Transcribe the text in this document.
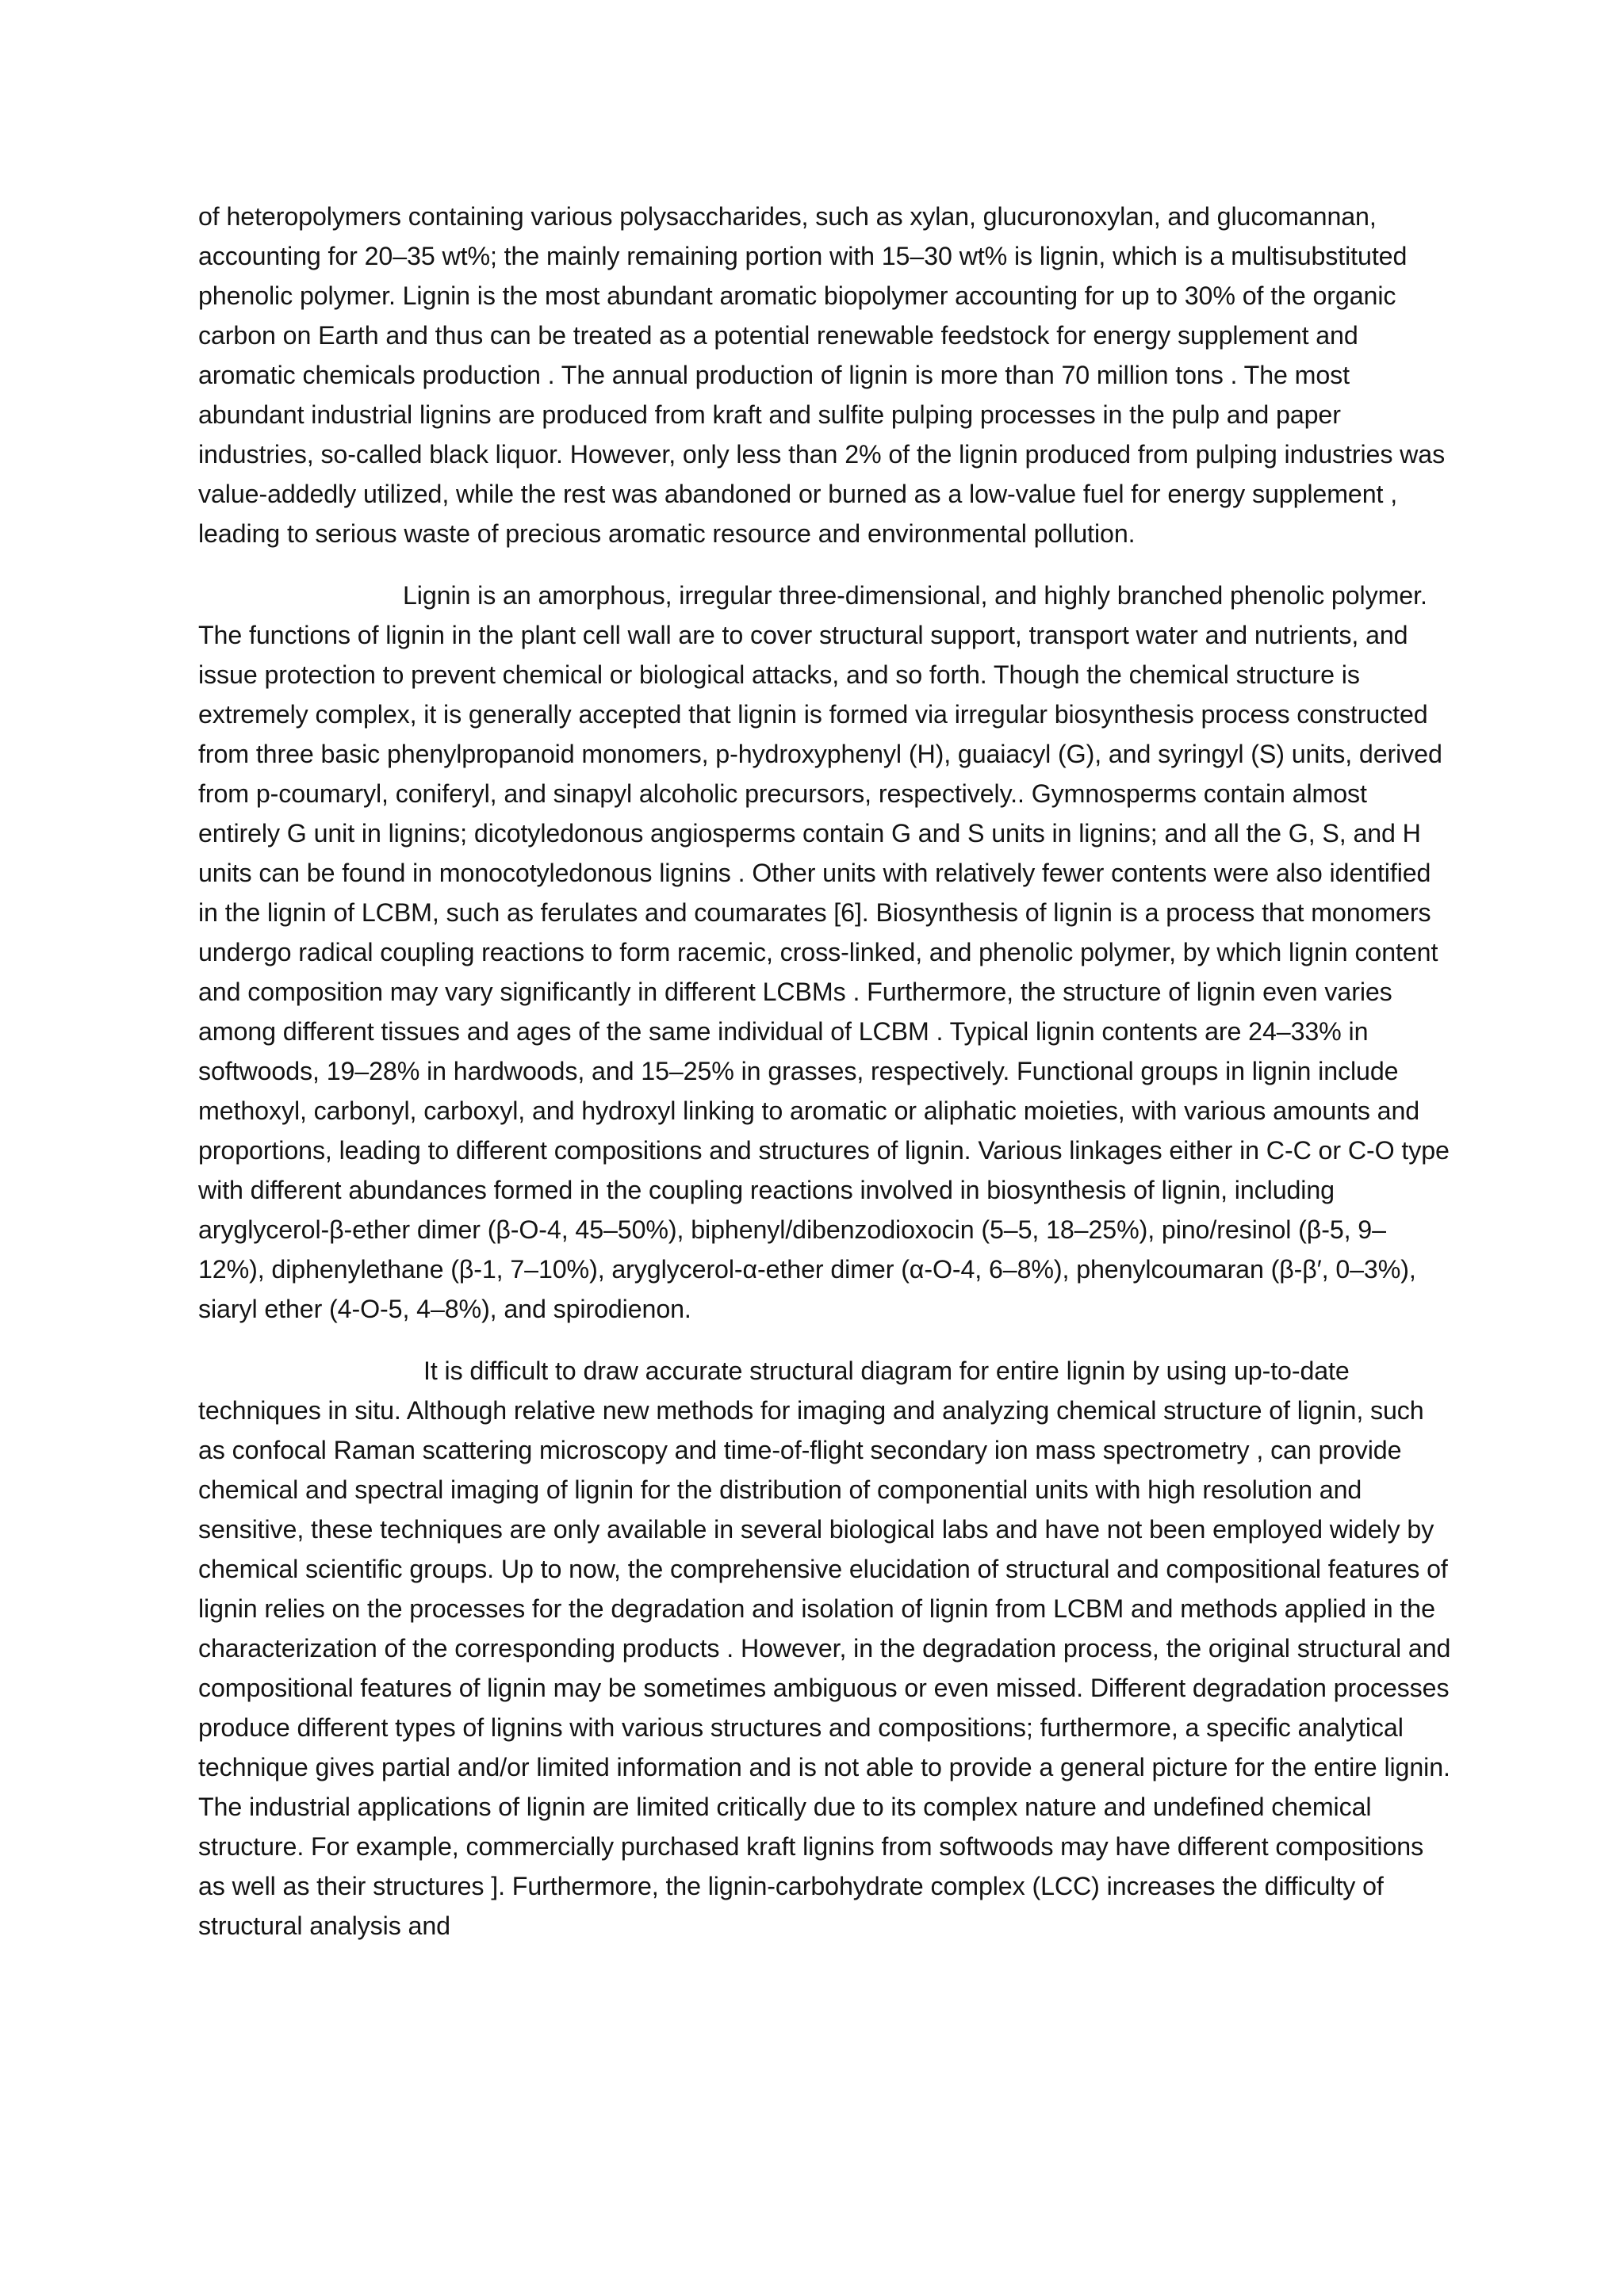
of heteropolymers containing various polysaccharides, such as xylan, glucuronoxylan, and glucomannan, accounting for 20–35 wt%; the mainly remaining portion with 15–30 wt% is lignin, which is a multisubstituted phenolic polymer. Lignin is the most abundant aromatic biopolymer accounting for up to 30% of the organic carbon on Earth and thus can be treated as a potential renewable feedstock for energy supplement and aromatic chemicals production . The annual production of lignin is more than 70 million tons . The most abundant industrial lignins are produced from kraft and sulfite pulping processes in the pulp and paper industries, so-called black liquor. However, only less than 2% of the lignin produced from pulping industries was value-addedly utilized, while the rest was abandoned or burned as a low-value fuel for energy supplement , leading to serious waste of precious aromatic resource and environmental pollution.

Lignin is an amorphous, irregular three-dimensional, and highly branched phenolic polymer. The functions of lignin in the plant cell wall are to cover structural support, transport water and nutrients, and issue protection to prevent chemical or biological attacks, and so forth. Though the chemical structure is extremely complex, it is generally accepted that lignin is formed via irregular biosynthesis process constructed from three basic phenylpropanoid monomers, p-hydroxyphenyl (H), guaiacyl (G), and syringyl (S) units, derived from p-coumaryl, coniferyl, and sinapyl alcoholic precursors, respectively.. Gymnosperms contain almost entirely G unit in lignins; dicotyledonous angiosperms contain G and S units in lignins; and all the G, S, and H units can be found in monocotyledonous lignins . Other units with relatively fewer contents were also identified in the lignin of LCBM, such as ferulates and coumarates [6]. Biosynthesis of lignin is a process that monomers undergo radical coupling reactions to form racemic, cross-linked, and phenolic polymer, by which lignin content and composition may vary significantly in different LCBMs . Furthermore, the structure of lignin even varies among different tissues and ages of the same individual of LCBM . Typical lignin contents are 24–33% in softwoods, 19–28% in hardwoods, and 15–25% in grasses, respectively. Functional groups in lignin include methoxyl, carbonyl, carboxyl, and hydroxyl linking to aromatic or aliphatic moieties, with various amounts and proportions, leading to different compositions and structures of lignin. Various linkages either in C-C or C-O type with different abundances formed in the coupling reactions involved in biosynthesis of lignin, including aryglycerol-β-ether dimer (β-O-4, 45–50%), biphenyl/dibenzodioxocin (5–5, 18–25%), pino/resinol (β-5, 9–12%), diphenylethane (β-1, 7–10%), aryglycerol-α-ether dimer (α-O-4, 6–8%), phenylcoumaran (β-β′, 0–3%), siaryl ether (4-O-5, 4–8%), and spirodienon.

It is difficult to draw accurate structural diagram for entire lignin by using up-to-date techniques in situ. Although relative new methods for imaging and analyzing chemical structure of lignin, such as confocal Raman scattering microscopy and time-of-flight secondary ion mass spectrometry , can provide chemical and spectral imaging of lignin for the distribution of componential units with high resolution and sensitive, these techniques are only available in several biological labs and have not been employed widely by chemical scientific groups. Up to now, the comprehensive elucidation of structural and compositional features of lignin relies on the processes for the degradation and isolation of lignin from LCBM and methods applied in the characterization of the corresponding products . However, in the degradation process, the original structural and compositional features of lignin may be sometimes ambiguous or even missed. Different degradation processes produce different types of lignins with various structures and compositions; furthermore, a specific analytical technique gives partial and/or limited information and is not able to provide a general picture for the entire lignin. The industrial applications of lignin are limited critically due to its complex nature and undefined chemical structure. For example, commercially purchased kraft lignins from softwoods may have different compositions as well as their structures ]. Furthermore, the lignin-carbohydrate complex (LCC) increases the difficulty of structural analysis and
